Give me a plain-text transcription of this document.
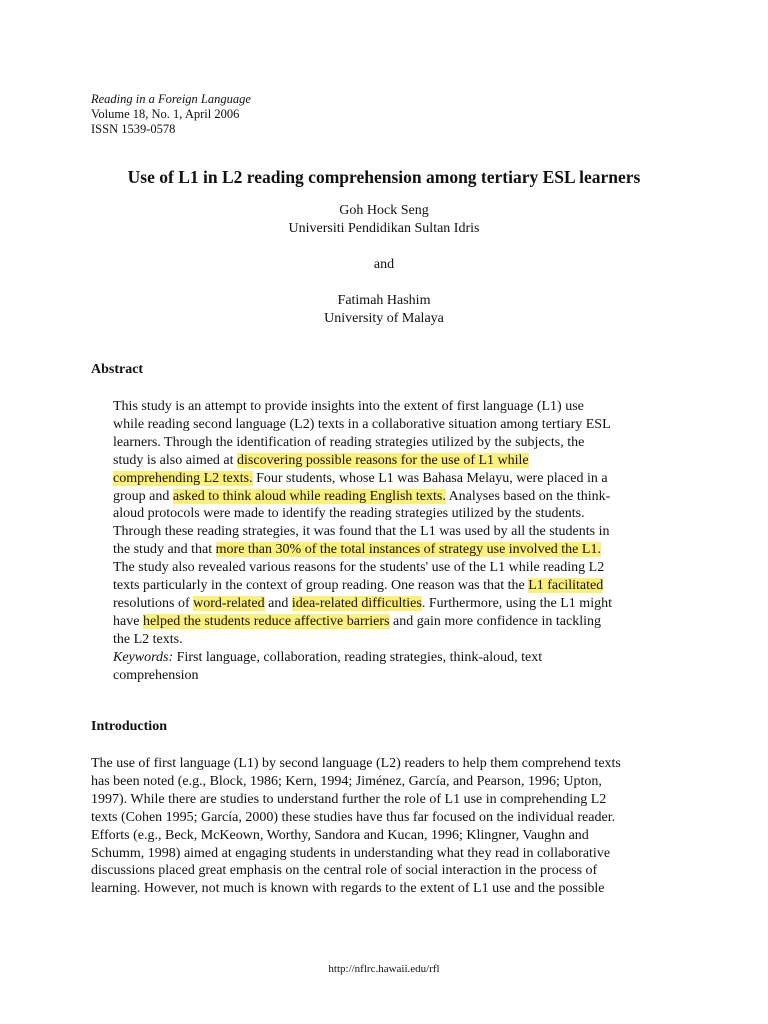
Reading in a Foreign Language
Volume 18, No. 1, April 2006
ISSN 1539-0578
Use of L1 in L2 reading comprehension among tertiary ESL learners
Goh Hock Seng
Universiti Pendidikan Sultan Idris
and
Fatimah Hashim
University of Malaya
Abstract
This study is an attempt to provide insights into the extent of first language (L1) use
while reading second language (L2) texts in a collaborative situation among tertiary ESL
learners. Through the identification of reading strategies utilized by the subjects, the
study is also aimed at discovering possible reasons for the use of L1 while
comprehending L2 texts. Four students, whose L1 was Bahasa Melayu, were placed in a
group and asked to think aloud while reading English texts. Analyses based on the think-
aloud protocols were made to identify the reading strategies utilized by the students.
Through these reading strategies, it was found that the L1 was used by all the students in
the study and that more than 30% of the total instances of strategy use involved the L1.
The study also revealed various reasons for the students' use of the L1 while reading L2
texts particularly in the context of group reading. One reason was that the L1 facilitated
resolutions of word-related and idea-related difficulties. Furthermore, using the L1 might
have helped the students reduce affective barriers and gain more confidence in tackling
the L2 texts.
Keywords: First language, collaboration, reading strategies, think-aloud, text
comprehension
Introduction
The use of first language (L1) by second language (L2) readers to help them comprehend texts
has been noted (e.g., Block, 1986; Kern, 1994; Jiménez, García, and Pearson, 1996; Upton,
1997). While there are studies to understand further the role of L1 use in comprehending L2
texts (Cohen 1995; García, 2000) these studies have thus far focused on the individual reader.
Efforts (e.g., Beck, McKeown, Worthy, Sandora and Kucan, 1996; Klingner, Vaughn and
Schumm, 1998) aimed at engaging students in understanding what they read in collaborative
discussions placed great emphasis on the central role of social interaction in the process of
learning. However, not much is known with regards to the extent of L1 use and the possible
http://nflrc.hawaii.edu/rfl
